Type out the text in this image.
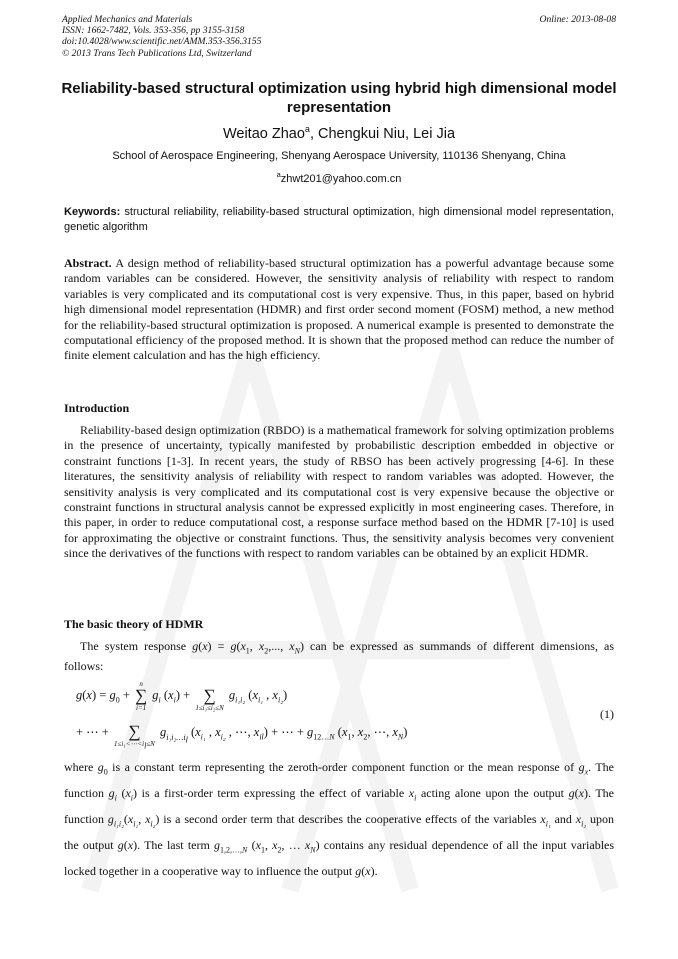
Applied Mechanics and Materials
ISSN: 1662-7482, Vols. 353-356, pp 3155-3158
doi:10.4028/www.scientific.net/AMM.353-356.3155
© 2013 Trans Tech Publications Ltd, Switzerland
Online: 2013-08-08
Reliability-based structural optimization using hybrid high dimensional model representation
Weitao Zhao$^a$, Chengkui Niu, Lei Jia
School of Aerospace Engineering, Shenyang Aerospace University, 110136 Shenyang, China
$^a$zhwt201@yahoo.com.cn
Keywords: structural reliability, reliability-based structural optimization, high dimensional model representation, genetic algorithm
Abstract. A design method of reliability-based structural optimization has a powerful advantage because some random variables can be considered. However, the sensitivity analysis of reliability with respect to random variables is very complicated and its computational cost is very expensive. Thus, in this paper, based on hybrid high dimensional model representation (HDMR) and first order second moment (FOSM) method, a new method for the reliability-based structural optimization is proposed. A numerical example is presented to demonstrate the computational efficiency of the proposed method. It is shown that the proposed method can reduce the number of finite element calculation and has the high efficiency.
Introduction
Reliability-based design optimization (RBDO) is a mathematical framework for solving optimization problems in the presence of uncertainty, typically manifested by probabilistic description embedded in objective or constraint functions [1-3]. In recent years, the study of RBSO has been actively progressing [4-6]. In these literatures, the sensitivity analysis of reliability with respect to random variables was adopted. However, the sensitivity analysis is very complicated and its computational cost is very expensive because the objective or constraint functions in structural analysis cannot be expressed explicitly in most engineering cases. Therefore, in this paper, in order to reduce computational cost, a response surface method based on the HDMR [7-10] is used for approximating the objective or constraint functions. Thus, the sensitivity analysis becomes very convenient since the derivatives of the functions with respect to random variables can be obtained by an explicit HDMR.
The basic theory of HDMR
The system response $g(x) = g(x_1$, $x_2$,..., $x_N$) can be expressed as summands of different dimensions, as follows:
$g(x) = g_0$ +
n
∑
i=1
$g_i$ $(x_i)$ +
∑
1≤i₁≤i₂≤N
$g_{i_1i_2}$ ($x_{i_1}$ , $x_{i_2}$)
+ ⋯ +
∑
$1\le i_1<\cdots<i_l\le N$
$g_{i_1i_2\dots i_l}$ ($x_{i_1}$ , $x_{i_2}$ , ⋯, $x_{il}$) + ⋯ + $g_{12\dots N}$ ($x_1$, $x_2$, ⋯, $x_N$)
(1)
where $g_0$ is a constant term representing the zeroth-order component function or the mean response of $g_x$. The function $g_i$ $(x_i)$ is a first-order term expressing the effect of variable $x_i$ acting alone upon the output g(x). The function $g_{i_1i_2}(x_{i_1}$, $x_{i_2}$) is a second order term that describes the cooperative effects of the variables $x_{i_1}$ and $x_{i_2}$ upon the output g(x). The last term $g_{1,2,\dots,N}$ ($x_1$, $x_2$, … $x_N$) contains any residual dependence of all the input variables locked together in a cooperative way to influence the output g(x).
